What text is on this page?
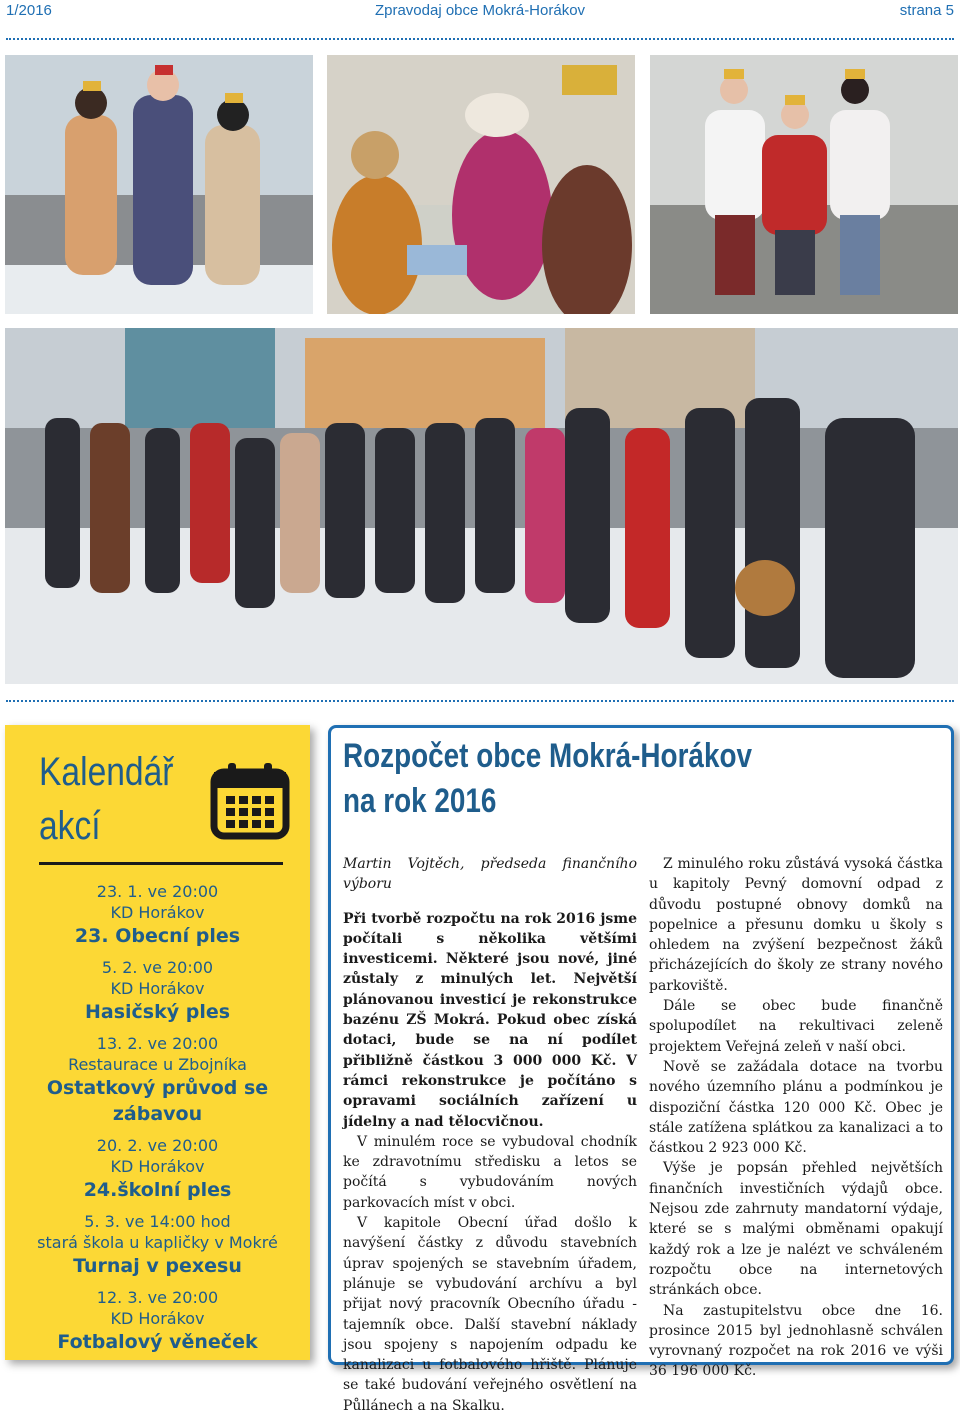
1/2016	Zpravodaj obce Mokrá-Horákov	strana 5
Kalendář
akcí
23. 1. ve 20:00
KD Horákov
23. Obecní ples
5. 2. ve 20:00
KD Horákov
Hasičský ples
13. 2. ve 20:00
Restaurace u Zbojníka
Ostatkový průvod se zábavou
20. 2. ve 20:00
KD Horákov
24.školní ples
5. 3. ve 14:00 hod
stará škola u kapličky v Mokré
Turnaj v pexesu
12. 3. ve 20:00
KD Horákov
Fotbalový věneček
Rozpočet obce Mokrá-Horákov
na rok 2016

Martin Vojtěch, předseda finančního výboru

Při tvorbě rozpočtu na rok 2016 jsme počítali s několika většími investicemi. Některé jsou nové, jiné zůstaly z minulých let. Největší plánovanou investicí je rekonstrukce bazénu ZŠ Mokrá. Pokud obec získá dotaci, bude se na ní podílet přibližně částkou 3 000 000 Kč. V rámci rekonstrukce je počítáno s opravami sociálních zařízení u jídelny a nad tělocvičnou.

V minulém roce se vybudoval chodník ke zdravotnímu středisku a letos se počítá s vybudováním nových parkovacích míst v obci.

V kapitole Obecní úřad došlo k navýšení částky z důvodu stavebních úprav spojených se stavebním úřadem, plánuje se vybudování archívu a byl přijat nový pracovník Obecního úřadu - tajemník obce. Další stavební náklady jsou spojeny s napojením odpadu ke kanalizaci u fotbalového hřiště. Plánuje se také budování veřejného osvětlení na Půllánech a na Skalku.

Z minulého roku zůstává vysoká částka u kapitoly Pevný domovní odpad z důvodu postupné obnovy domků na popelnice a přesunu domku u školy s ohledem na zvýšení bezpečnost žáků přicházejících do školy ze strany nového parkoviště.

Dále se obec bude finančně spolupodílet na rekultivaci zeleně projektem Veřejná zeleň v naší obci.

Nově se zažádala dotace na tvorbu nového územního plánu a podmínkou je dispoziční částka 120 000 Kč. Obec je stále zatížena splátkou za kanalizaci a to částkou 2 923 000 Kč.

Výše je popsán přehled největších finančních investičních výdajů obce. Nejsou zde zahrnuty mandatorní výdaje, které se s malými obměnami opakují každý rok a lze je nalézt ve schváleném rozpočtu obce na internetových stránkách obce.

Na zastupitelstvu obce dne 16. prosince 2015 byl jednohlasně schválen vyrovnaný rozpočet na rok 2016 ve výši 36 196 000 Kč.
